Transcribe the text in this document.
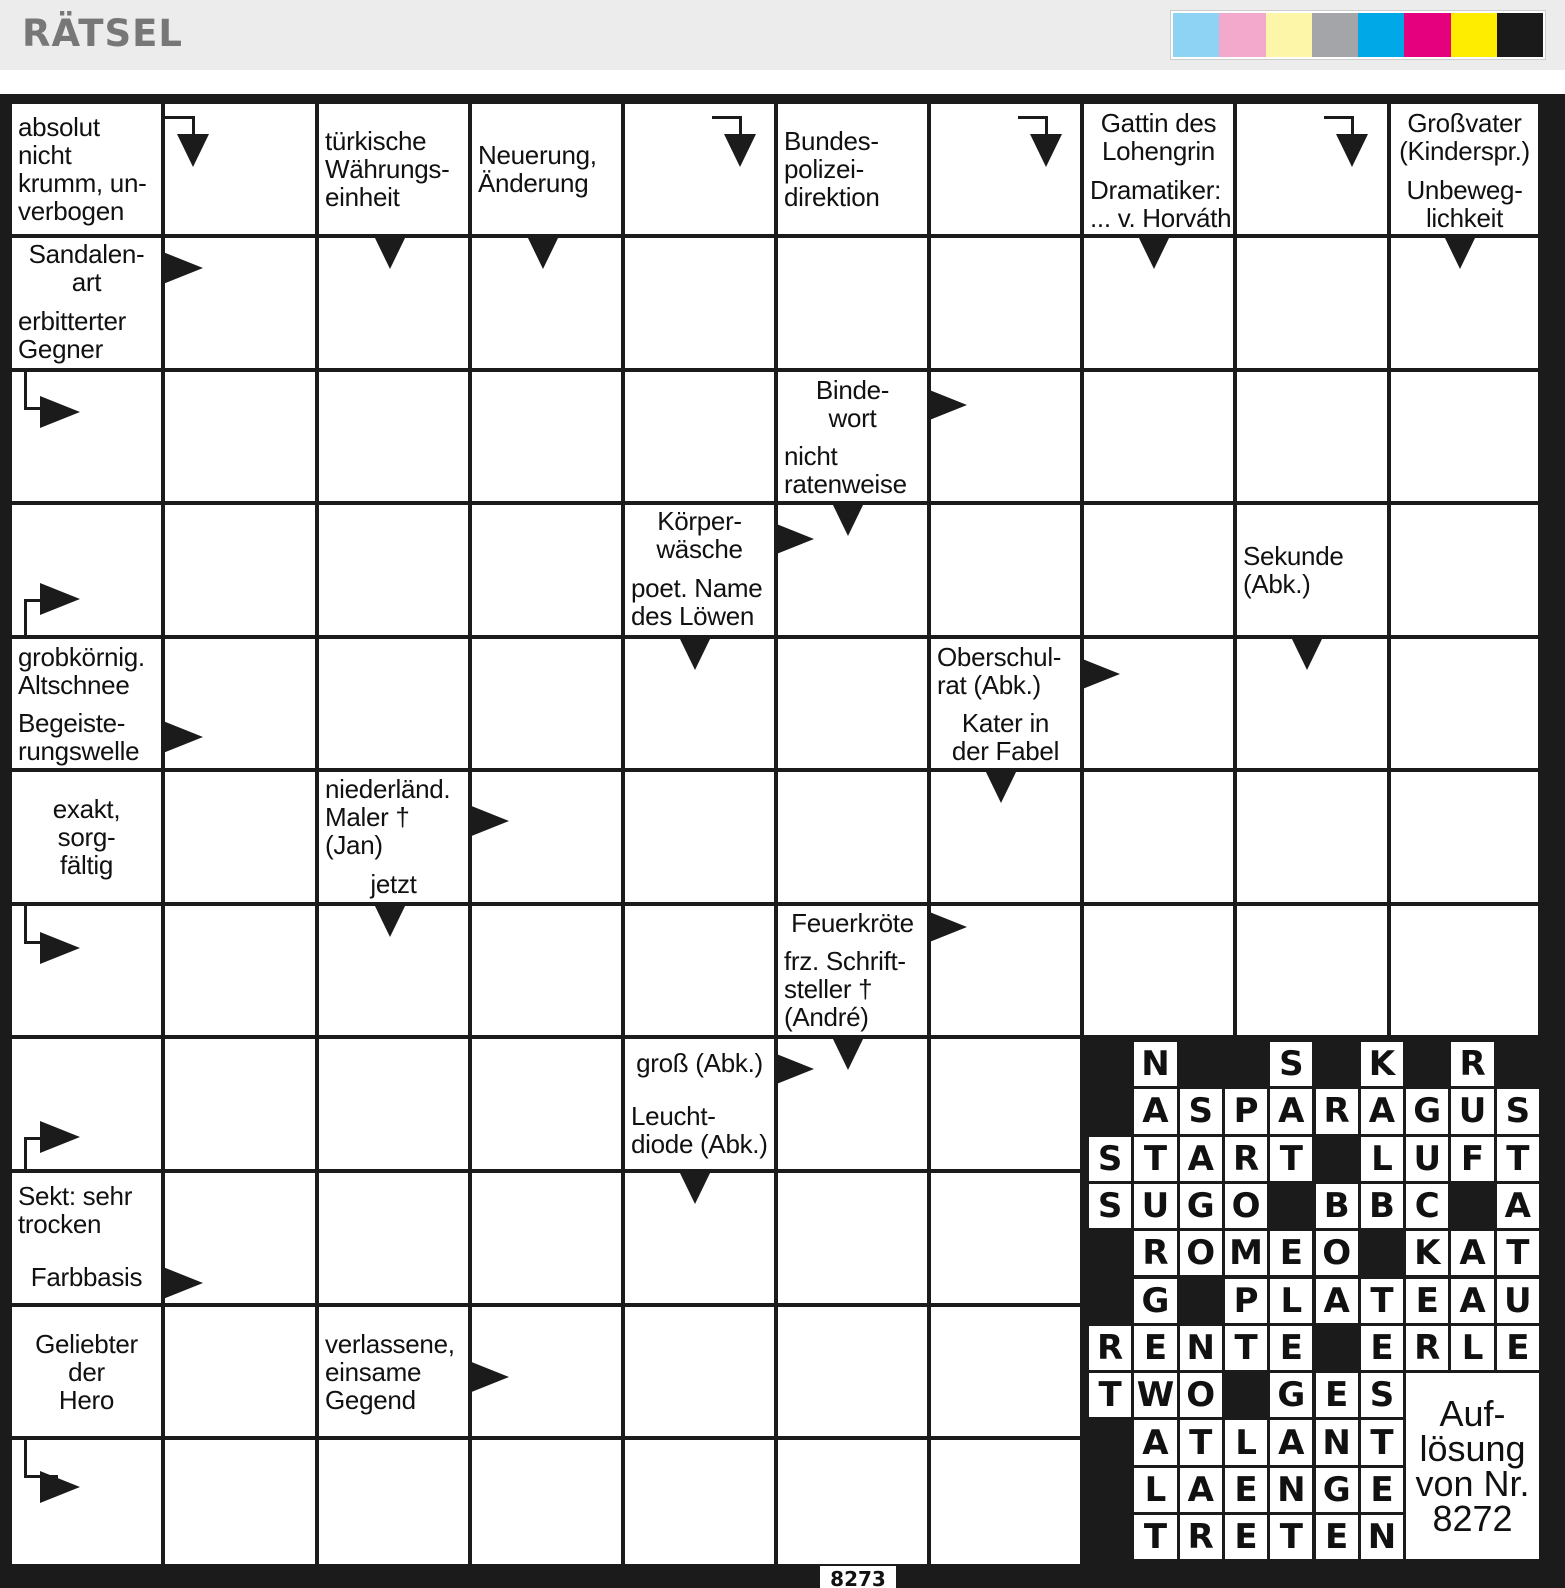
RÄTSEL
absolut
nicht
krumm, un-
verbogen
türkische
Währungs-
einheit
Neuerung,
Änderung
Bundes-
polizei-
direktion
Gattin des
Lohengrin
Dramatiker:
... v. Horváth
Großvater
(Kinderspr.)
Unbeweg-
lichkeit
Sandalen-
art
erbitterter
Gegner
Binde-
wort
nicht
ratenweise
Körper-
wäsche
poet. Name
des Löwen
Sekunde
(Abk.)
grobkörnig.
Altschnee
Begeiste-
rungswelle
Oberschul-
rat (Abk.)
Kater in
der Fabel
exakt,
sorg-
fältig
niederländ.
Maler †
(Jan)
jetzt
Feuerkröte
frz. Schrift-
steller †
(André)
groß (Abk.)
Leucht-
diode (Abk.)
Sekt: sehr
trocken
Farbbasis
Geliebter
der
Hero
verlassene,
einsame
Gegend
N	S K R
A S P A R A G U S
S T A R T	L U F T
S U G O B B C A
R O M E O K A T
G P L A T E A U
R E N T E E R L E
T W O G E S
A T L A N T
L A E N G E
T R E T E N
Auf-
lösung
von Nr.
8272
8273
